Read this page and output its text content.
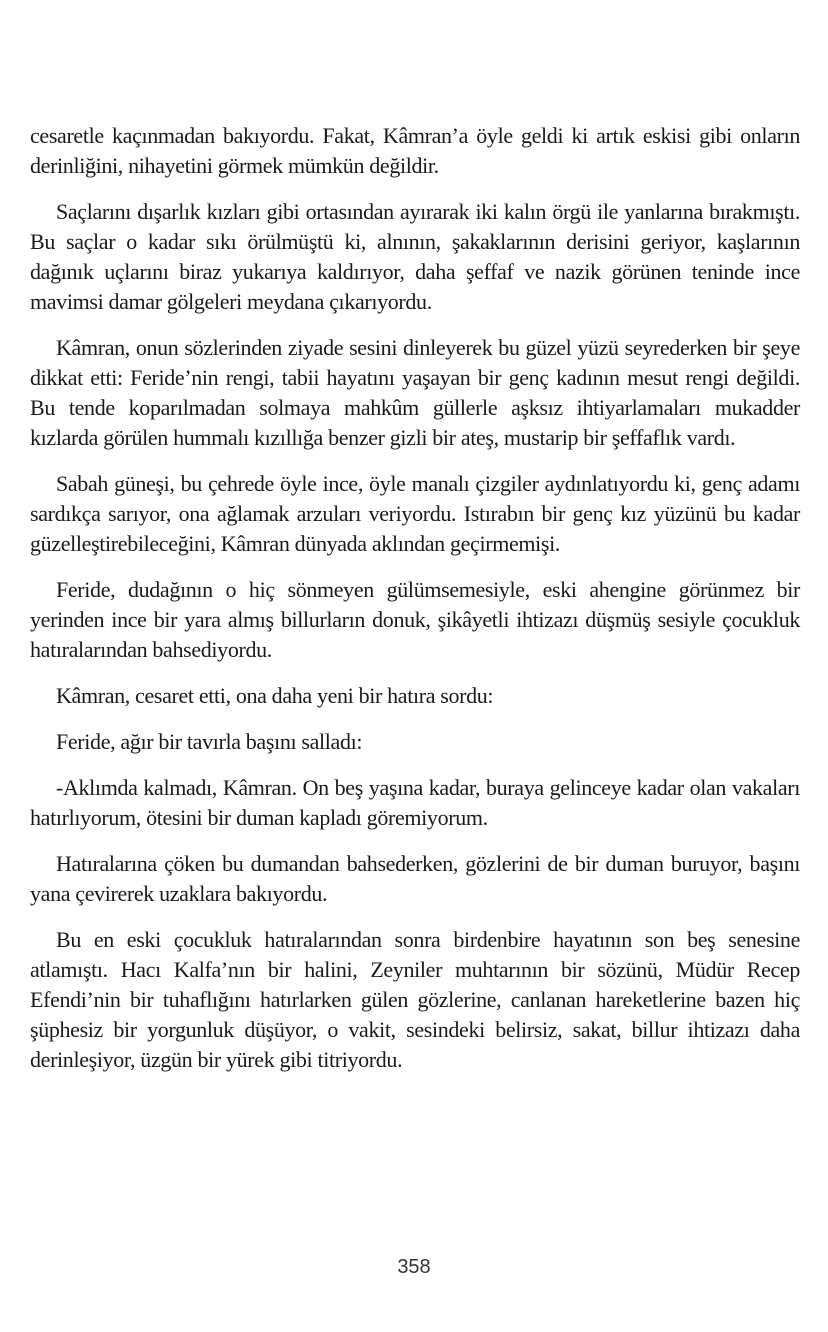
cesaretle kaçınmadan bakıyordu. Fakat, Kâmran’a öyle geldi ki artık eskisi gibi onların derinliğini, nihayetini görmek mümkün değildir.

Saçlarını dışarlık kızları gibi ortasından ayırarak iki kalın örgü ile yanlarına bırakmıştı. Bu saçlar o kadar sıkı örülmüştü ki, alnının, şakaklarının derisini geriyor, kaşlarının dağınık uçlarını biraz yukarıya kaldırıyor, daha şeffaf ve nazik görünen teninde ince mavimsi damar gölgeleri meydana çıkarıyordu.

Kâmran, onun sözlerinden ziyade sesini dinleyerek bu güzel yüzü seyrederken bir şeye dikkat etti: Feride’nin rengi, tabii hayatını yaşayan bir genç kadının mesut rengi değildi. Bu tende koparılmadan solmaya mahkûm güllerle aşksız ihtiyarlamaları mukadder kızlarda görülen hummalı kızıllığa benzer gizli bir ateş, mustarip bir şeffaflık vardı.

Sabah güneşi, bu çehrede öyle ince, öyle manalı çizgiler aydınlatıyordu ki, genç adamı sardıkça sarıyor, ona ağlamak arzuları veriyordu. Istırabın bir genç kız yüzünü bu kadar güzelleştirebileceğini, Kâmran dünyada aklından geçirmemişi.

Feride, dudağının o hiç sönmeyen gülümsemesiyle, eski ahengine görünmez bir yerinden ince bir yara almış billurların donuk, şikâyetli ihtizazı düşmüş sesiyle çocukluk hatıralarından bahsediyordu.

Kâmran, cesaret etti, ona daha yeni bir hatıra sordu:

Feride, ağır bir tavırla başını salladı:

-Aklımda kalmadı, Kâmran. On beş yaşına kadar, buraya gelinceye kadar olan vakaları hatırlıyorum, ötesini bir duman kapladı göremiyorum.

Hatıralarına çöken bu dumandan bahsederken, gözlerini de bir duman buruyor, başını yana çevirerek uzaklara bakıyordu.

Bu en eski çocukluk hatıralarından sonra birdenbire hayatının son beş senesine atlamıştı. Hacı Kalfa’nın bir halini, Zeyniler muhtarının bir sözünü, Müdür Recep Efendi’nin bir tuhaflığını hatırlarken gülen gözlerine, canlanan hareketlerine bazen hiç şüphesiz bir yorgunluk düşüyor, o vakit, sesindeki belirsiz, sakat, billur ihtizazı daha derinleşiyor, üzgün bir yürek gibi titriyordu.

358
